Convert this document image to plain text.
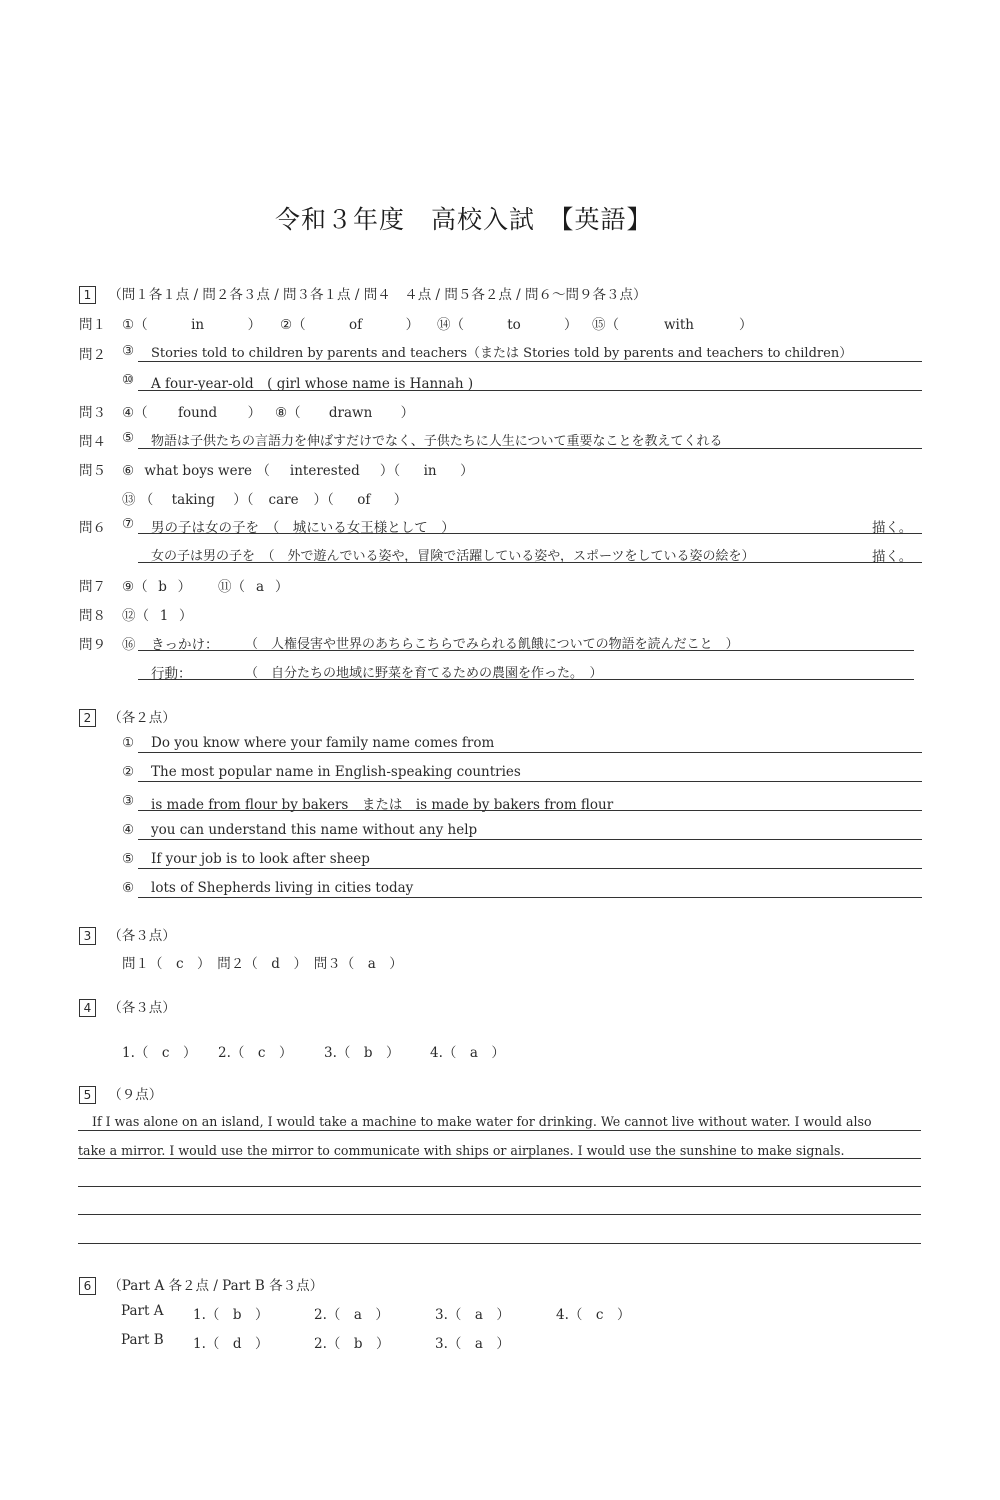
令和３年度　高校入試　【英語】
1 （問１各１点 / 問２各３点 / 問３各１点 / 問４　４点 / 問５各２点 / 問６〜問９各３点）
問１ ①（	in	） ②（	of	） ⑭（	to	） ⑮（	with	）
問２ ③ Stories told to children by parents and teachers（または Stories told by parents and teachers to children）
⑩ A four-year-old　( girl whose name is Hannah )
問３ ④（ found ） ⑧（ drawn ）
問４ ⑤ 物語は子供たちの言語力を伸ばすだけでなく、子供たちに人生について重要なことを教えてくれる
問５ ⑥ what boys were （ interested ）（ in ）
⑬ （ taking ）（ care ）（ of ）
問６ ⑦ 男の子は女の子を　（　城にいる女王様として　）	描く。
女の子は男の子を　（　外で遊んでいる姿や，冒険で活躍している姿や，スポーツをしている姿の絵を）	描く。
問７ ⑨（ b ） ⑪（ a ）
問８ ⑫（ 1 ）
問９ ⑯ きっかけ： （　人権侵害や世界のあちらこちらでみられる飢餓についての物語を読んだこと　）
行動：	（　自分たちの地域に野菜を育てるための農園を作った。　）
2 （各２点）
① Do you know where your family name comes from
② The most popular name in English-speaking countries
③ is made from flour by bakers　または　is made by bakers from flour
④ you can understand this name without any help
⑤ If your job is to look after sheep
⑥ lots of Shepherds living in cities today
3 （各３点）
問１（　c　）　問２（　d　）　問３（　a　）
4 （各３点）
1.（　c　） 2.（　c　） 3.（　b　） 4.（　a　）
5 （９点）
If I was alone on an island, I would take a machine to make water for drinking. We cannot live without water. I would also
take a mirror. I would use the mirror to communicate with ships or airplanes. I would use the sunshine to make signals.
6 （Part A 各２点 / Part B 各３点）
Part A 1.（　b　）	2.（　a　）	3.（　a　）	4.（　c　）
Part B 1.（　d　）	2.（　b　）	3.（　a　）
